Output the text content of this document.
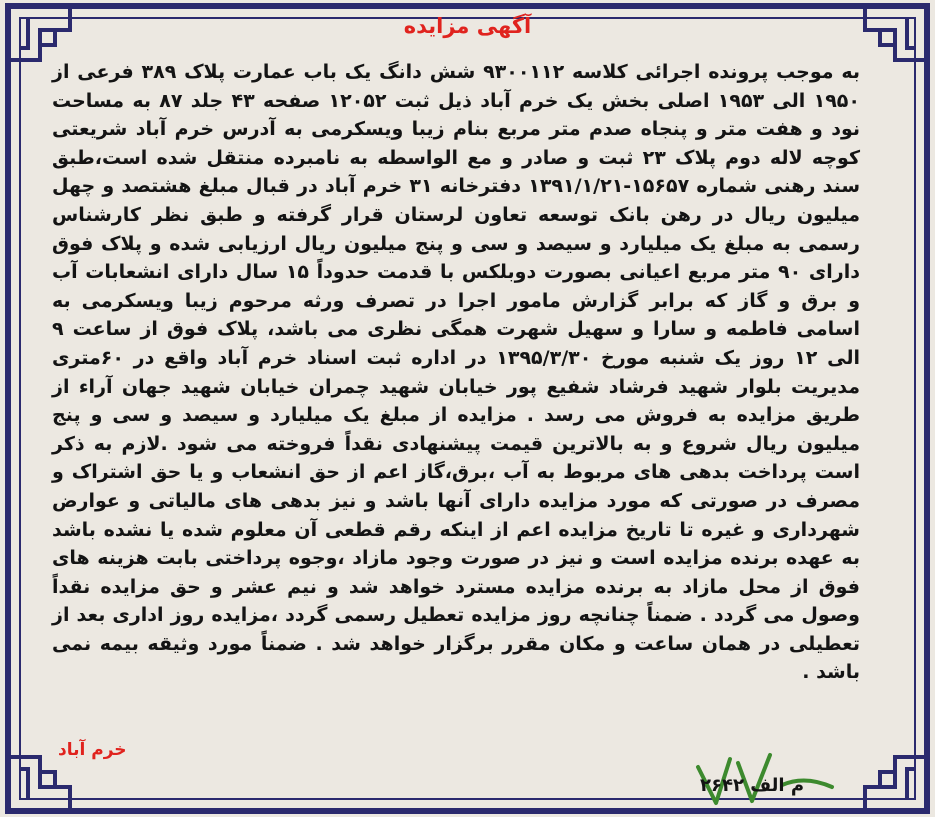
آگهی مزایده
به موجب پرونده اجرائی کلاسه ۹۳۰۰۱۱۲ شش دانگ یک باب عمارت پلاک ۳۸۹ فرعی از ۱۹۵۰ الی ۱۹۵۳ اصلی بخش یک خرم آباد ذیل ثبت ۱۲۰۵۲ صفحه ۴۳ جلد ۸۷ به مساحت نود و هفت متر و پنجاه صدم متر مربع بنام زیبا ویسکرمی به آدرس خرم آباد شریعتی کوچه لاله دوم پلاک ۲۳ ثبت و صادر و مع الواسطه به نامبرده منتقل شده است،طبق سند رهنی شماره ۱۵۶۵۷-۱۳۹۱/۱/۲۱ دفترخانه ۳۱ خرم آباد در قبال مبلغ هشتصد و چهل میلیون ریال در رهن بانک توسعه تعاون لرستان قرار گرفته و طبق نظر کارشناس رسمی به مبلغ یک میلیارد و سیصد و سی و پنج میلیون ریال ارزیابی شده و پلاک فوق دارای ۹۰ متر مربع اعیانی بصورت دوبلکس با قدمت حدوداً ۱۵ سال دارای انشعابات آب و برق و گاز که برابر گزارش مامور اجرا در تصرف ورثه مرحوم زیبا ویسکرمی به اسامی فاطمه و سارا و سهیل شهرت همگی نظری می باشد، پلاک فوق از ساعت ۹ الی ۱۲ روز یک شنبه مورخ ۱۳۹۵/۳/۳۰ در اداره ثبت اسناد خرم آباد واقع در ۶۰متری مدیریت بلوار شهید فرشاد شفیع پور خیابان شهید چمران خیابان شهید جهان آراء از طریق مزایده به فروش می رسد . مزایده از مبلغ یک میلیارد و سیصد و سی و پنج میلیون ریال شروع و به بالاترین قیمت پیشنهادی نقداً فروخته می شود .لازم به ذکر است پرداخت بدهی های مربوط به آب ،برق،گاز اعم از حق انشعاب و یا حق اشتراک و مصرف در صورتی که مورد مزایده دارای آنها باشد و نیز بدهی های مالیاتی و عوارض شهرداری و غیره تا تاریخ مزایده اعم از اینکه رقم قطعی آن معلوم شده یا نشده باشد به عهده برنده مزایده است و نیز در صورت وجود مازاد ،وجوه پرداختی بابت هزینه های فوق از محل مازاد به برنده مزایده مسترد خواهد شد و نیم عشر و حق مزایده نقداً وصول می گردد . ضمناً چنانچه روز مزایده تعطیل رسمی گردد ،مزایده روز اداری بعد از تعطیلی در همان ساعت و مکان مقرر برگزار خواهد شد . ضمناً مورد وثیقه بیمه نمی باشد .
خرم آباد
م الف ۲۶۴۲
